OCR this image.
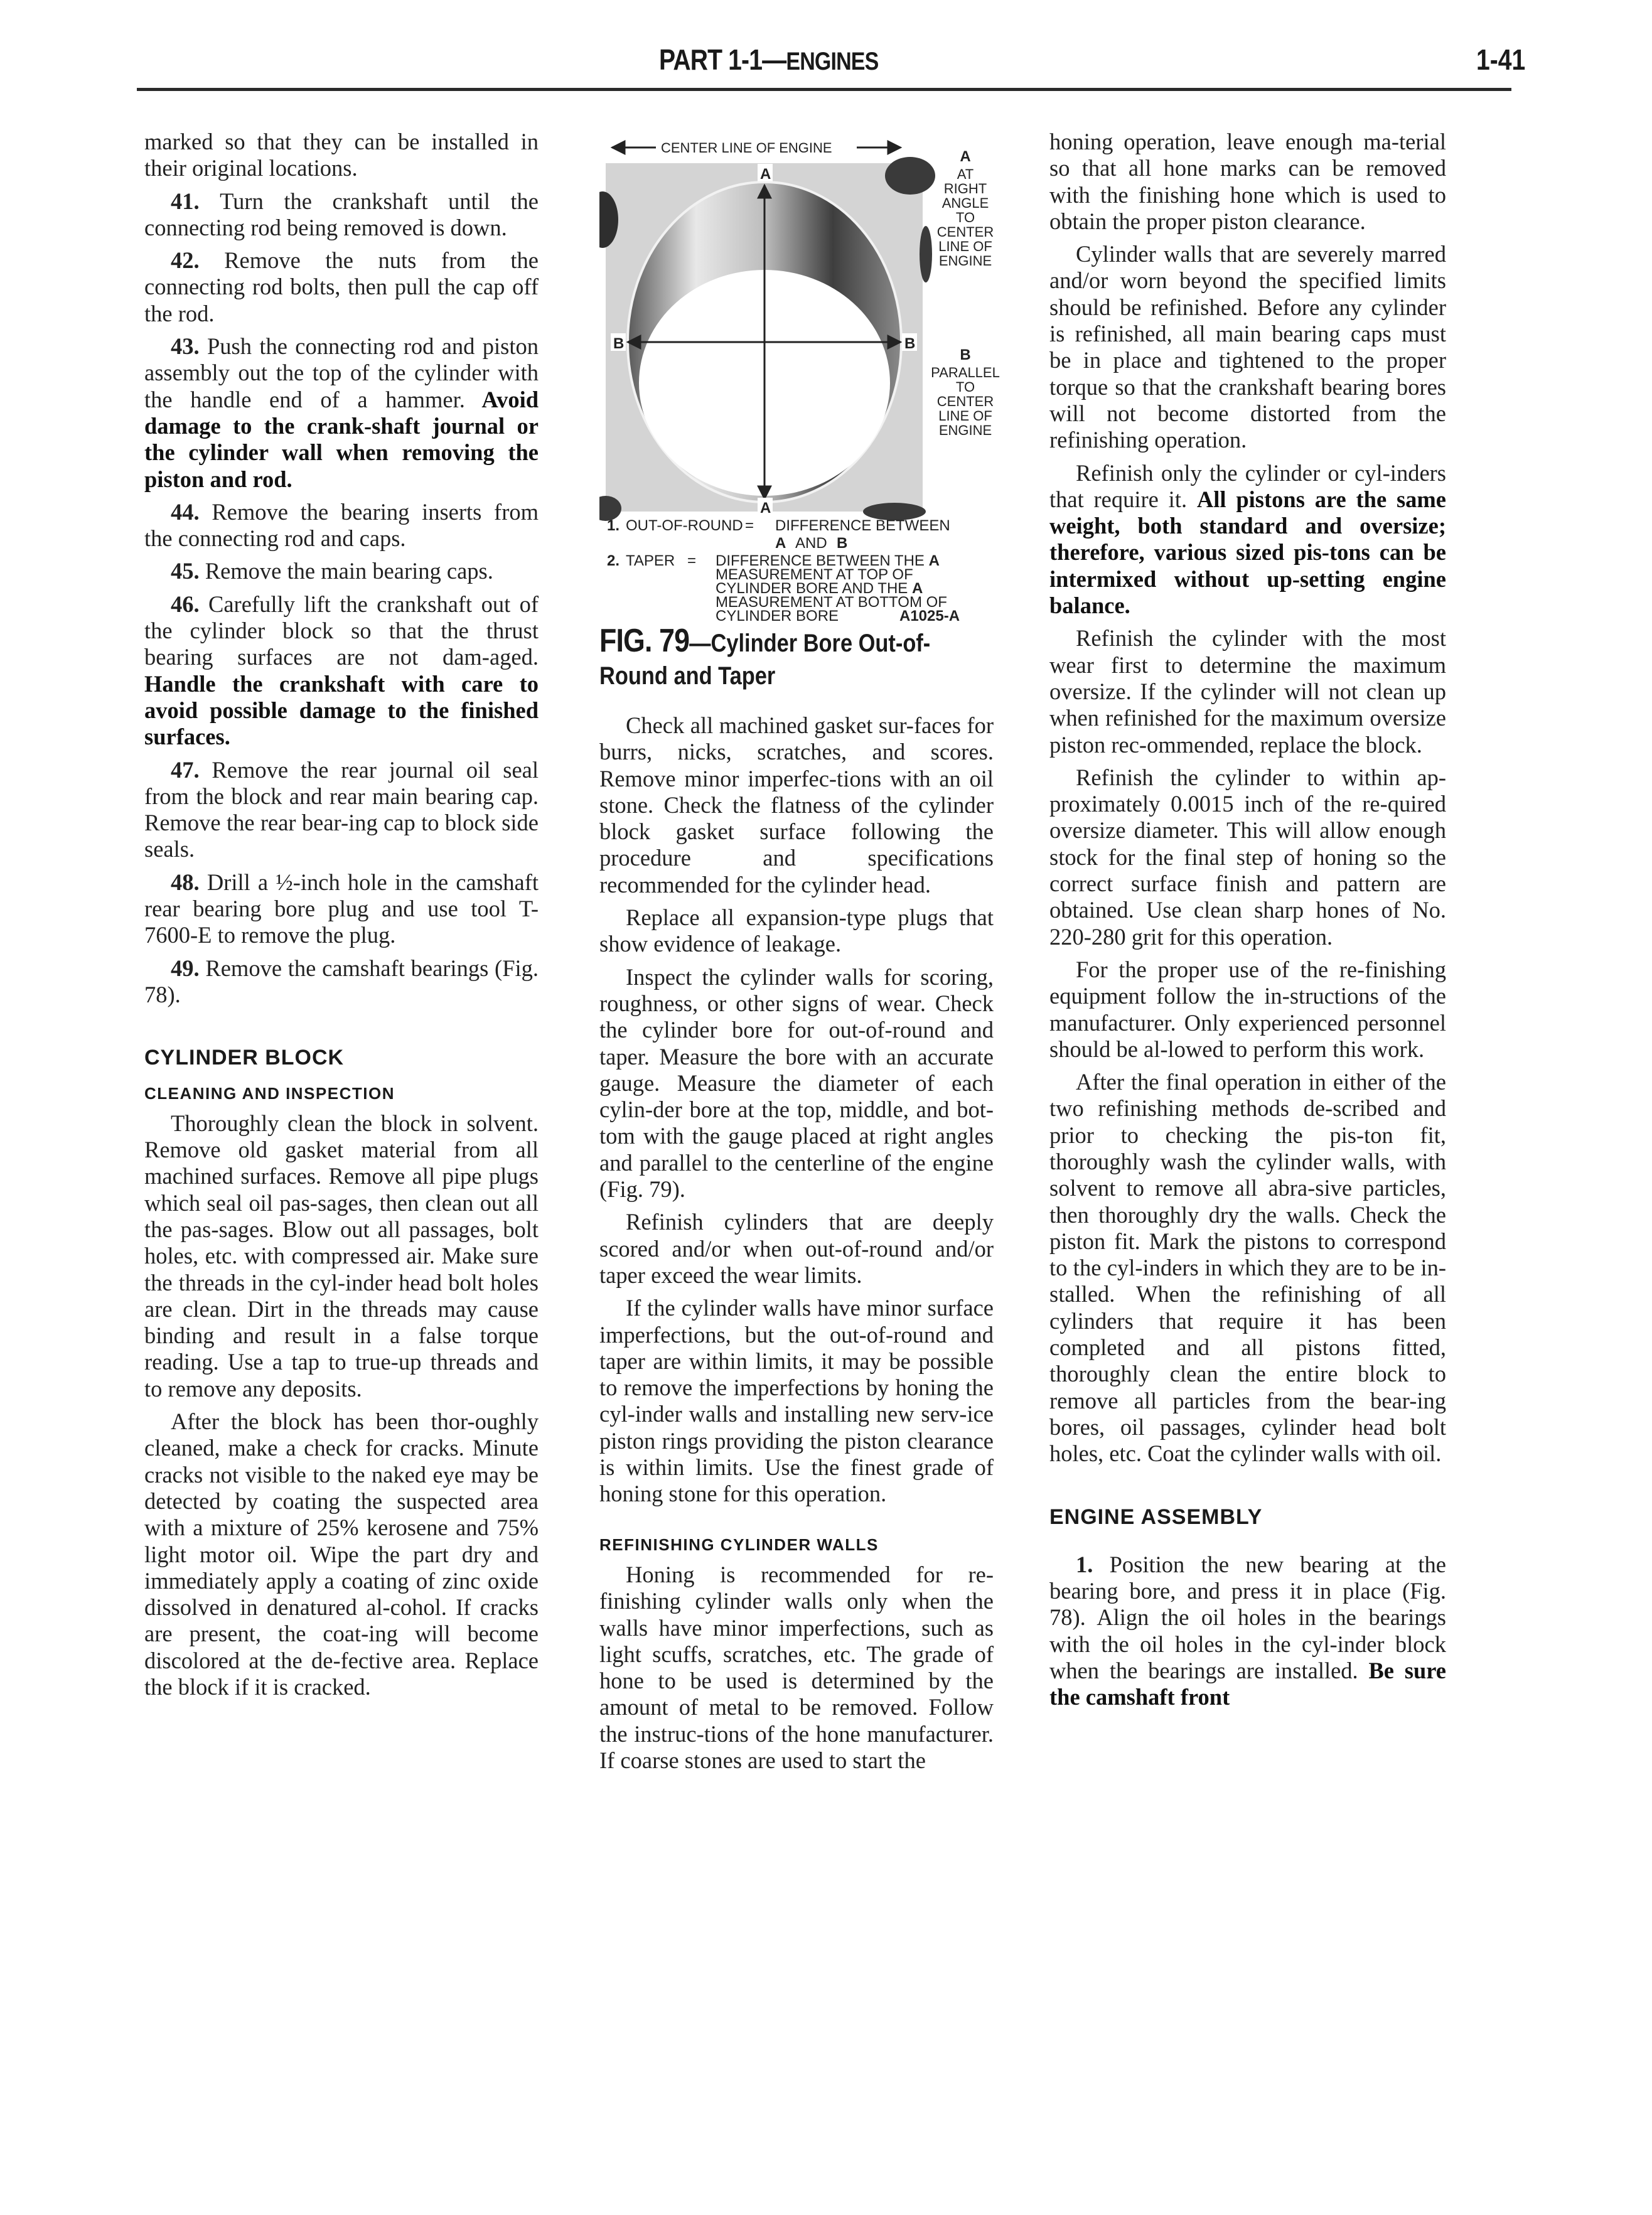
PART 1-1—ENGINES	1-41

marked so that they can be installed in their original locations.

41. Turn the crankshaft until the connecting rod being removed is down.

42. Remove the nuts from the connecting rod bolts, then pull the cap off the rod.

43. Push the connecting rod and piston assembly out the top of the cylinder with the handle end of a hammer. Avoid damage to the crank-shaft journal or the cylinder wall when removing the piston and rod.

44. Remove the bearing inserts from the connecting rod and caps.

45. Remove the main bearing caps.

46. Carefully lift the crankshaft out of the cylinder block so that the thrust bearing surfaces are not dam-aged. Handle the crankshaft with care to avoid possible damage to the finished surfaces.

47. Remove the rear journal oil seal from the block and rear main bearing cap. Remove the rear bear-ing cap to block side seals.

48. Drill a ½-inch hole in the camshaft rear bearing bore plug and use tool T-7600-E to remove the plug.

49. Remove the camshaft bearings (Fig. 78).

CYLINDER BLOCK
CLEANING AND INSPECTION

Thoroughly clean the block in solvent. Remove old gasket material from all machined surfaces. Remove all pipe plugs which seal oil pas-sages, then clean out all the pas-sages. Blow out all passages, bolt holes, etc. with compressed air. Make sure the threads in the cyl-inder head bolt holes are clean. Dirt in the threads may cause binding and result in a false torque reading. Use a tap to true-up threads and to remove any deposits.

After the block has been thor-oughly cleaned, make a check for cracks. Minute cracks not visible to the naked eye may be detected by coating the suspected area with a mixture of 25% kerosene and 75% light motor oil. Wipe the part dry and immediately apply a coating of zinc oxide dissolved in denatured al-cohol. If cracks are present, the coat-ing will become discolored at the de-fective area. Replace the block if it is cracked.

CENTER LINE OF ENGINE
A
A
B	B
A
AT
RIGHT
ANGLE
TO
CENTER
LINE OF
ENGINE
B
PARALLEL
TO
CENTER
LINE OF
ENGINE
1. OUT-OF-ROUND = DIFFERENCE BETWEEN
A AND B
2. TAPER = DIFFERENCE BETWEEN THE A
MEASUREMENT AT TOP OF
CYLINDER BORE AND THE A
MEASUREMENT AT BOTTOM OF
CYLINDER BORE	A1025-A
FIG. 79—Cylinder Bore Out-of-Round and Taper

Check all machined gasket sur-faces for burrs, nicks, scratches, and scores. Remove minor imperfec-tions with an oil stone. Check the flatness of the cylinder block gasket surface following the procedure and specifications recommended for the cylinder head.

Replace all expansion-type plugs that show evidence of leakage.

Inspect the cylinder walls for scoring, roughness, or other signs of wear. Check the cylinder bore for out-of-round and taper. Measure the bore with an accurate gauge. Measure the diameter of each cylin-der bore at the top, middle, and bot-tom with the gauge placed at right angles and parallel to the centerline of the engine (Fig. 79).

Refinish cylinders that are deeply scored and/or when out-of-round and/or taper exceed the wear limits.

If the cylinder walls have minor surface imperfections, but the out-of-round and taper are within limits, it may be possible to remove the imperfections by honing the cyl-inder walls and installing new serv-ice piston rings providing the piston clearance is within limits. Use the finest grade of honing stone for this operation.

REFINISHING CYLINDER WALLS

Honing is recommended for re-finishing cylinder walls only when the walls have minor imperfections, such as light scuffs, scratches, etc. The grade of hone to be used is determined by the amount of metal to be removed. Follow the instruc-tions of the hone manufacturer. If coarse stones are used to start the

honing operation, leave enough ma-terial so that all hone marks can be removed with the finishing hone which is used to obtain the proper piston clearance.

Cylinder walls that are severely marred and/or worn beyond the specified limits should be refinished. Before any cylinder is refinished, all main bearing caps must be in place and tightened to the proper torque so that the crankshaft bearing bores will not become distorted from the refinishing operation.

Refinish only the cylinder or cyl-inders that require it. All pistons are the same weight, both standard and oversize; therefore, various sized pis-tons can be intermixed without up-setting engine balance.

Refinish the cylinder with the most wear first to determine the maximum oversize. If the cylinder will not clean up when refinished for the maximum oversize piston rec-ommended, replace the block.

Refinish the cylinder to within ap-proximately 0.0015 inch of the re-quired oversize diameter. This will allow enough stock for the final step of honing so the correct surface finish and pattern are obtained. Use clean sharp hones of No. 220-280 grit for this operation.

For the proper use of the re-finishing equipment follow the in-structions of the manufacturer. Only experienced personnel should be al-lowed to perform this work.

After the final operation in either of the two refinishing methods de-scribed and prior to checking the pis-ton fit, thoroughly wash the cylinder walls, with solvent to remove all abra-sive particles, then thoroughly dry the walls. Check the piston fit. Mark the pistons to correspond to the cyl-inders in which they are to be in-stalled. When the refinishing of all cylinders that require it has been completed and all pistons fitted, thoroughly clean the entire block to remove all particles from the bear-ing bores, oil passages, cylinder head bolt holes, etc. Coat the cylinder walls with oil.

ENGINE ASSEMBLY

1. Position the new bearing at the bearing bore, and press it in place (Fig. 78). Align the oil holes in the bearings with the oil holes in the cyl-inder block when the bearings are installed. Be sure the camshaft front
